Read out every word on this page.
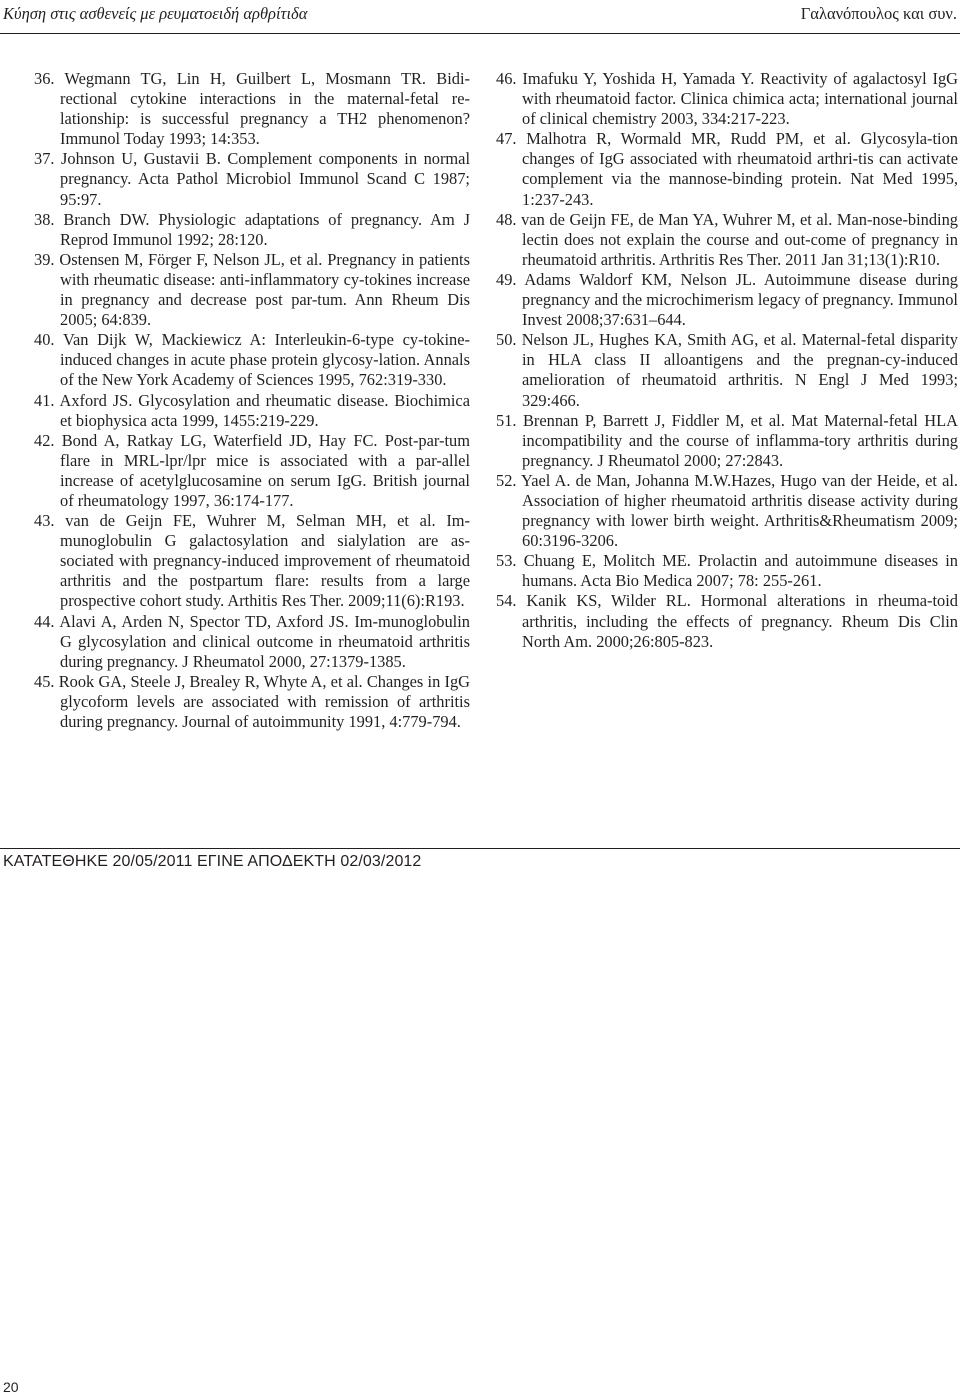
Κύηση στις ασθενείς με ρευματοειδή αρθρίτιδα	Γαλανόπουλος και συν.
36. Wegmann TG, Lin H, Guilbert L, Mosmann TR. Bidi-rectional cytokine interactions in the maternal-fetal re-lationship: is successful pregnancy a TH2 phenomenon? Immunol Today 1993; 14:353.
37. Johnson U, Gustavii B. Complement components in normal pregnancy. Acta Pathol Microbiol Immunol Scand C 1987; 95:97.
38. Branch DW. Physiologic adaptations of pregnancy. Am J Reprod Immunol 1992; 28:120.
39. Ostensen M, Förger F, Nelson JL, et al. Pregnancy in patients with rheumatic disease: anti-inflammatory cy-tokines increase in pregnancy and decrease post par-tum. Ann Rheum Dis 2005; 64:839.
40. Van Dijk W, Mackiewicz A: Interleukin-6-type cy-tokine-induced changes in acute phase protein glycosy-lation. Annals of the New York Academy of Sciences 1995, 762:319-330.
41. Axford JS. Glycosylation and rheumatic disease. Biochimica et biophysica acta 1999, 1455:219-229.
42. Bond A, Ratkay LG, Waterfield JD, Hay FC. Post-par-tum flare in MRL-lpr/lpr mice is associated with a par-allel increase of acetylglucosamine on serum IgG. British journal of rheumatology 1997, 36:174-177.
43. van de Geijn FE, Wuhrer M, Selman MH, et al. Im-munoglobulin G galactosylation and sialylation are as-sociated with pregnancy-induced improvement of rheumatoid arthritis and the postpartum flare: results from a large prospective cohort study. Arthitis Res Ther. 2009;11(6):R193.
44. Alavi A, Arden N, Spector TD, Axford JS. Im-munoglobulin G glycosylation and clinical outcome in rheumatoid arthritis during pregnancy. J Rheumatol 2000, 27:1379-1385.
45. Rook GA, Steele J, Brealey R, Whyte A, et al. Changes in IgG glycoform levels are associated with remission of arthritis during pregnancy. Journal of autoimmunity 1991, 4:779-794.
46. Imafuku Y, Yoshida H, Yamada Y. Reactivity of agalactosyl IgG with rheumatoid factor. Clinica chimica acta; international journal of clinical chemistry 2003, 334:217-223.
47. Malhotra R, Wormald MR, Rudd PM, et al. Glycosyla-tion changes of IgG associated with rheumatoid arthri-tis can activate complement via the mannose-binding protein. Nat Med 1995, 1:237-243.
48. van de Geijn FE, de Man YA, Wuhrer M, et al. Man-nose-binding lectin does not explain the course and out-come of pregnancy in rheumatoid arthritis. Arthritis Res Ther. 2011 Jan 31;13(1):R10.
49. Adams Waldorf KM, Nelson JL. Autoimmune disease during pregnancy and the microchimerism legacy of pregnancy. Immunol Invest 2008;37:631–644.
50. Nelson JL, Hughes KA, Smith AG, et al. Maternal-fetal disparity in HLA class II alloantigens and the pregnan-cy-induced amelioration of rheumatoid arthritis. N Engl J Med 1993; 329:466.
51. Brennan P, Barrett J, Fiddler M, et al. Mat Maternal-fetal HLA incompatibility and the course of inflamma-tory arthritis during pregnancy. J Rheumatol 2000; 27:2843.
52. Yael A. de Man, Johanna M.W.Hazes, Hugo van der Heide, et al. Association of higher rheumatoid arthritis disease activity during pregnancy with lower birth weight. Arthritis&Rheumatism 2009; 60:3196-3206.
53. Chuang E, Molitch ME. Prolactin and autoimmune diseases in humans. Acta Bio Medica 2007; 78: 255-261.
54. Kanik KS, Wilder RL. Hormonal alterations in rheuma-toid arthritis, including the effects of pregnancy. Rheum Dis Clin North Am. 2000;26:805-823.
ΚΑΤΑΤΕΘΗΚΕ 20/05/2011 ΕΓΙΝΕ ΑΠΟΔΕΚΤΗ 02/03/2012
20
